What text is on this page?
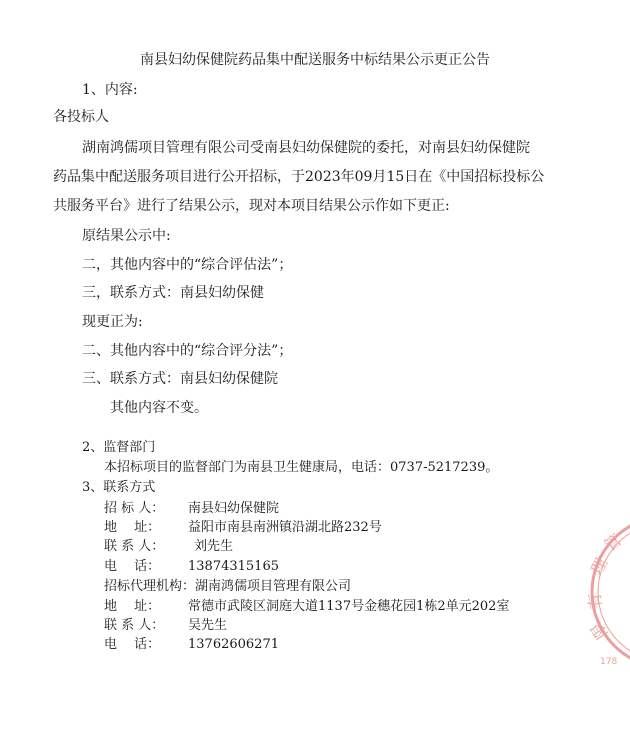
南县妇幼保健院药品集中配送服务中标结果公示更正公告
1、内容:
各投标人
湖南鸿儒项目管理有限公司受南县妇幼保健院的委托，对南县妇幼保健院
药品集中配送服务项目进行公开招标，于2023年09月15日在《中国招标投标公
共服务平台》进行了结果公示，现对本项目结果公示作如下更正:
原结果公示中:
二，其他内容中的“综合评估法”；
三，联系方式：南县妇幼保健
现更正为:
二、其他内容中的“综合评分法”；
三、联系方式：南县妇幼保健院
其他内容不变。
2、监督部门
本招标项目的监督部门为南县卫生健康局，电话：0737-5217239。
3、联系方式
招 标 人： 南县妇幼保健院
地　 址： 益阳市南县南洲镇沿湖北路232号
联 系 人： 刘先生
电　 话： 13874315165
招标代理机构：湖南鸿儒项目管理有限公司
地　 址： 常德市武陵区洞庭大道1137号金穗花园1栋2单元202室
联 系 人： 吴先生
电　 话： 13762606271
管
理
有
限
178
